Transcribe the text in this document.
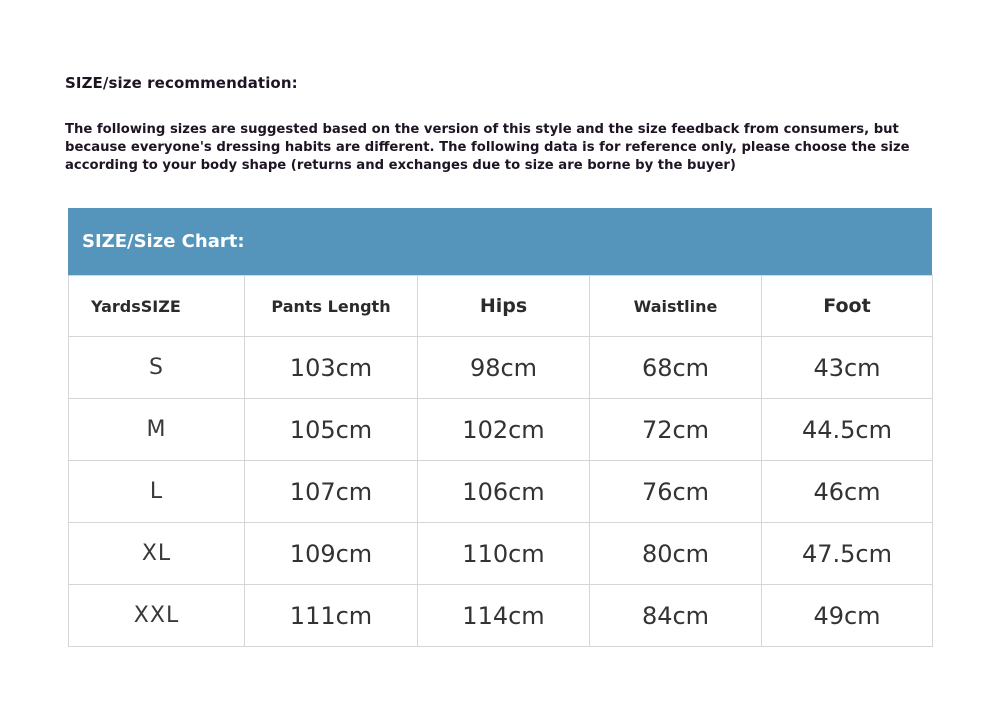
SIZE/size recommendation:
The following sizes are suggested based on the version of this style and the size feedback from consumers, but because everyone's dressing habits are different. The following data is for reference only, please choose the size according to your body shape (returns and exchanges due to size are borne by the buyer)
SIZE/Size Chart:
YardsSIZE	Pants Length	Hips	Waistline	Foot
S	103cm	98cm	68cm	43cm
M	105cm	102cm	72cm	44.5cm
L	107cm	106cm	76cm	46cm
XL	109cm	110cm	80cm	47.5cm
XXL	111cm	114cm	84cm	49cm
